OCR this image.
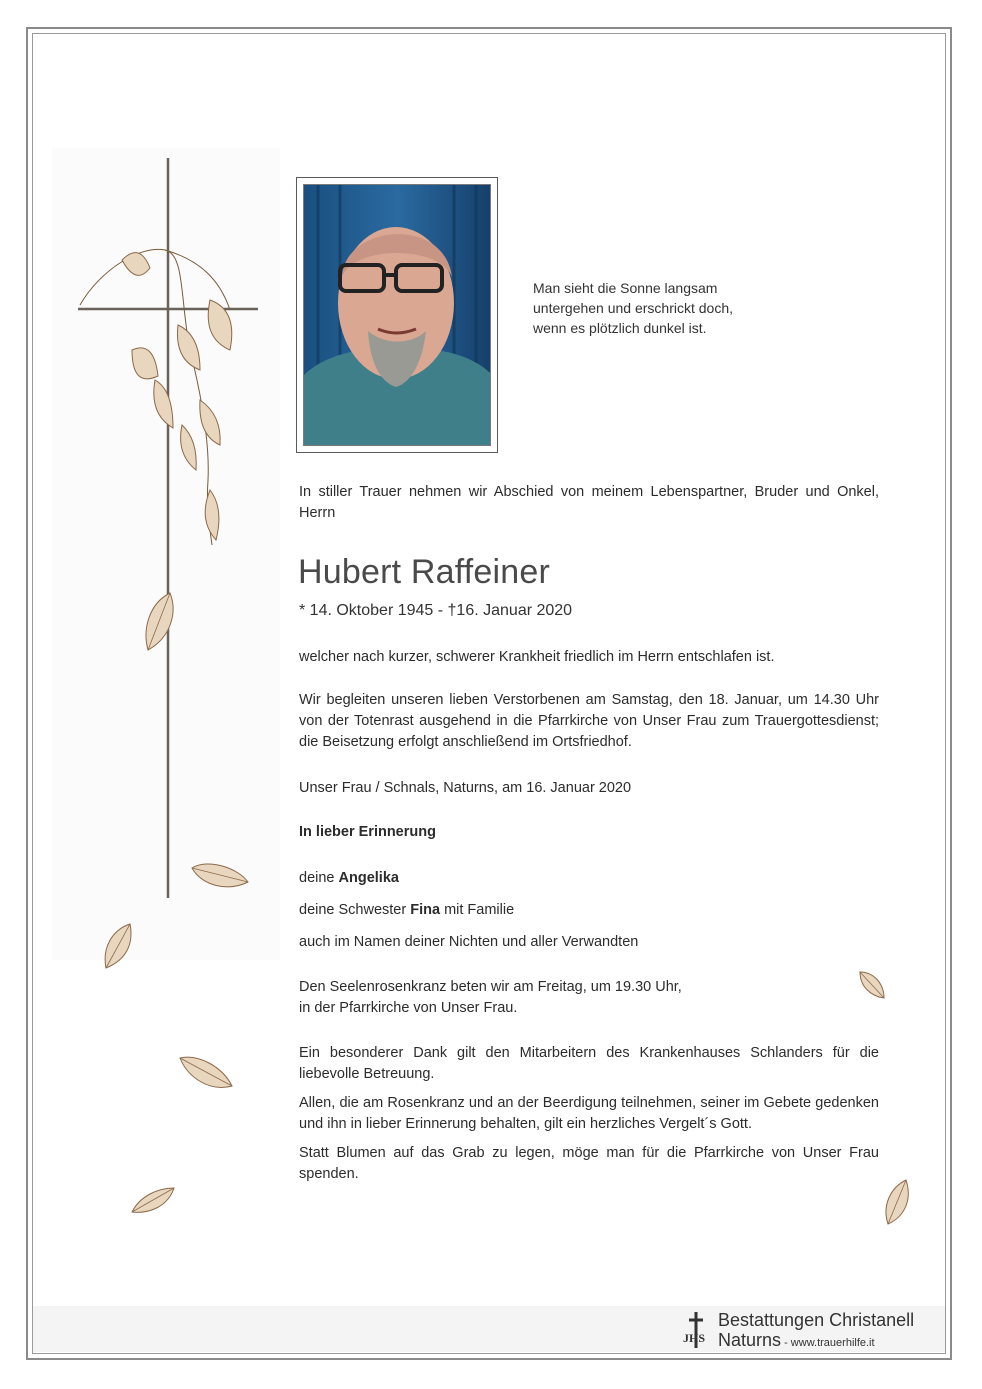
Man sieht die Sonne langsam
untergehen und erschrickt doch,
wenn es plötzlich dunkel ist.
In stiller Trauer nehmen wir Abschied von meinem Lebenspartner, Bruder und Onkel, Herrn
Hubert Raffeiner
* 14. Oktober 1945 - †16. Januar 2020
welcher nach kurzer, schwerer Krankheit friedlich im Herrn entschlafen ist.
Wir begleiten unseren lieben Verstorbenen am Samstag, den 18. Januar, um 14.30 Uhr von der Totenrast ausgehend in die Pfarrkirche von Unser Frau zum Trauergottesdienst; die Beisetzung erfolgt anschließend im Ortsfriedhof.
Unser Frau / Schnals, Naturns, am 16. Januar 2020
In lieber Erinnerung
deine Angelika
deine Schwester Fina mit Familie
auch im Namen deiner Nichten und aller Verwandten
Den Seelenrosenkranz beten wir am Freitag, um 19.30 Uhr,
in der Pfarrkirche von Unser Frau.
Ein besonderer Dank gilt den Mitarbeitern des Krankenhauses Schlanders für die liebevolle Betreuung.
Allen, die am Rosenkranz und an der Beerdigung teilnehmen, seiner im Gebete gedenken und ihn in lieber Erinnerung behalten, gilt ein herzliches Vergelt´s Gott.
Statt Blumen auf das Grab zu legen, möge man für die Pfarrkirche von Unser Frau spenden.
JHS
Bestattungen Christanell
Naturns - www.trauerhilfe.it
